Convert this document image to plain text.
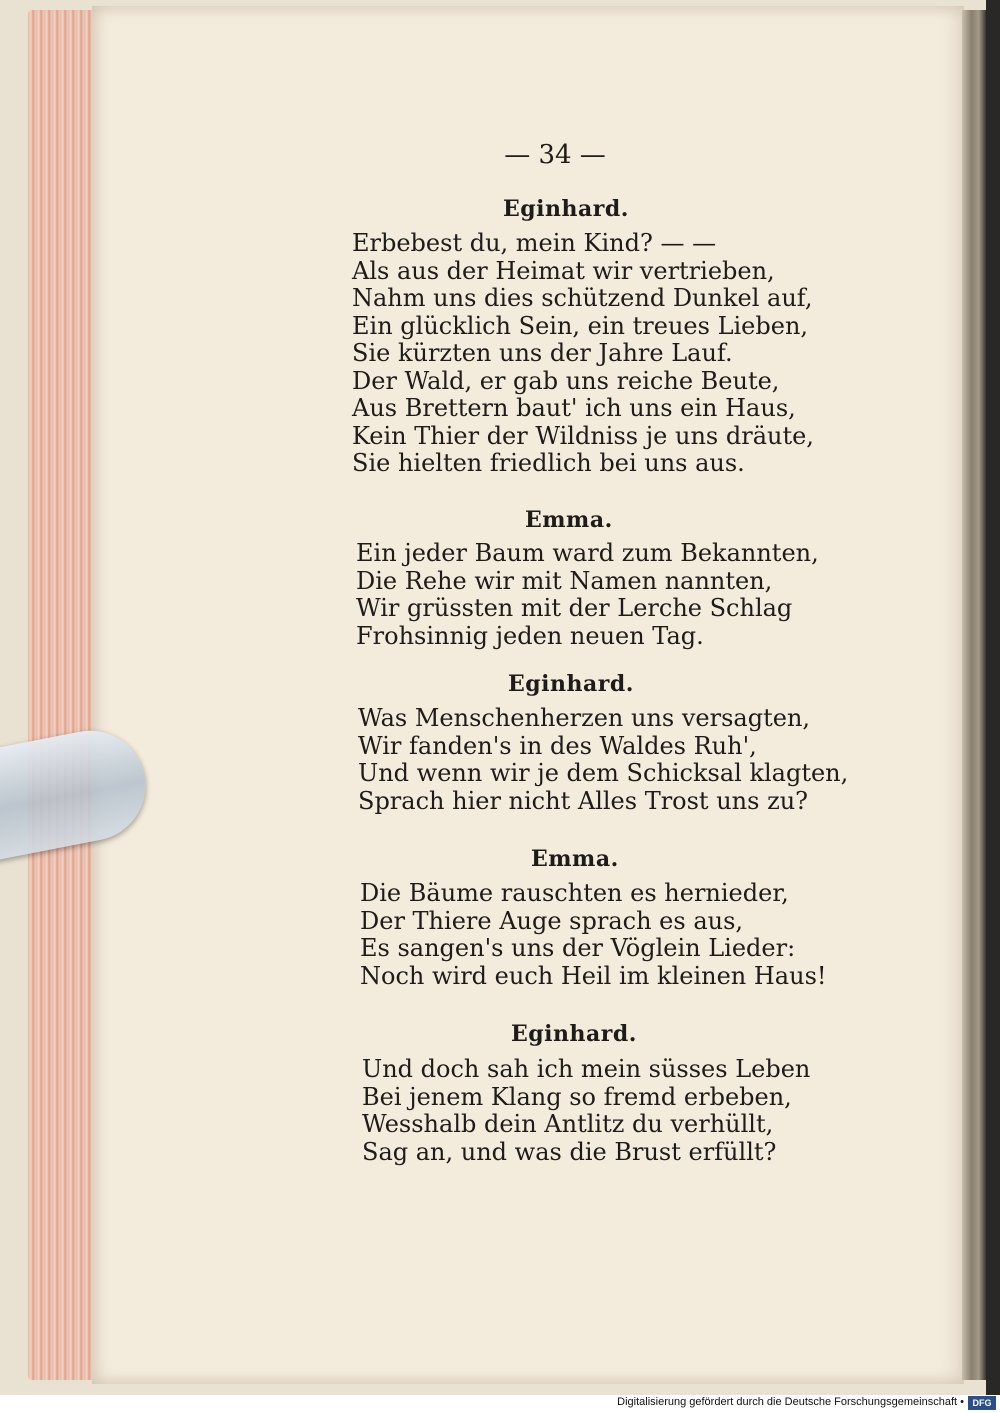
— 34 —
Eginhard.
Erbebest du, mein Kind? — —
Als aus der Heimat wir vertrieben,
Nahm uns dies schützend Dunkel auf,
Ein glücklich Sein, ein treues Lieben,
Sie kürzten uns der Jahre Lauf.
Der Wald, er gab uns reiche Beute,
Aus Brettern baut' ich uns ein Haus,
Kein Thier der Wildniss je uns dräute,
Sie hielten friedlich bei uns aus.
Emma.
Ein jeder Baum ward zum Bekannten,
Die Rehe wir mit Namen nannten,
Wir grüssten mit der Lerche Schlag
Frohsinnig jeden neuen Tag.
Eginhard.
Was Menschenherzen uns versagten,
Wir fanden's in des Waldes Ruh',
Und wenn wir je dem Schicksal klagten,
Sprach hier nicht Alles Trost uns zu?
Emma.
Die Bäume rauschten es hernieder,
Der Thiere Auge sprach es aus,
Es sangen's uns der Vöglein Lieder:
Noch wird euch Heil im kleinen Haus!
Eginhard.
Und doch sah ich mein süsses Leben
Bei jenem Klang so fremd erbeben,
Wesshalb dein Antlitz du verhüllt,
Sag an, und was die Brust erfüllt?
Digitalisierung gefördert durch die Deutsche Forschungsgemeinschaft • DFG
